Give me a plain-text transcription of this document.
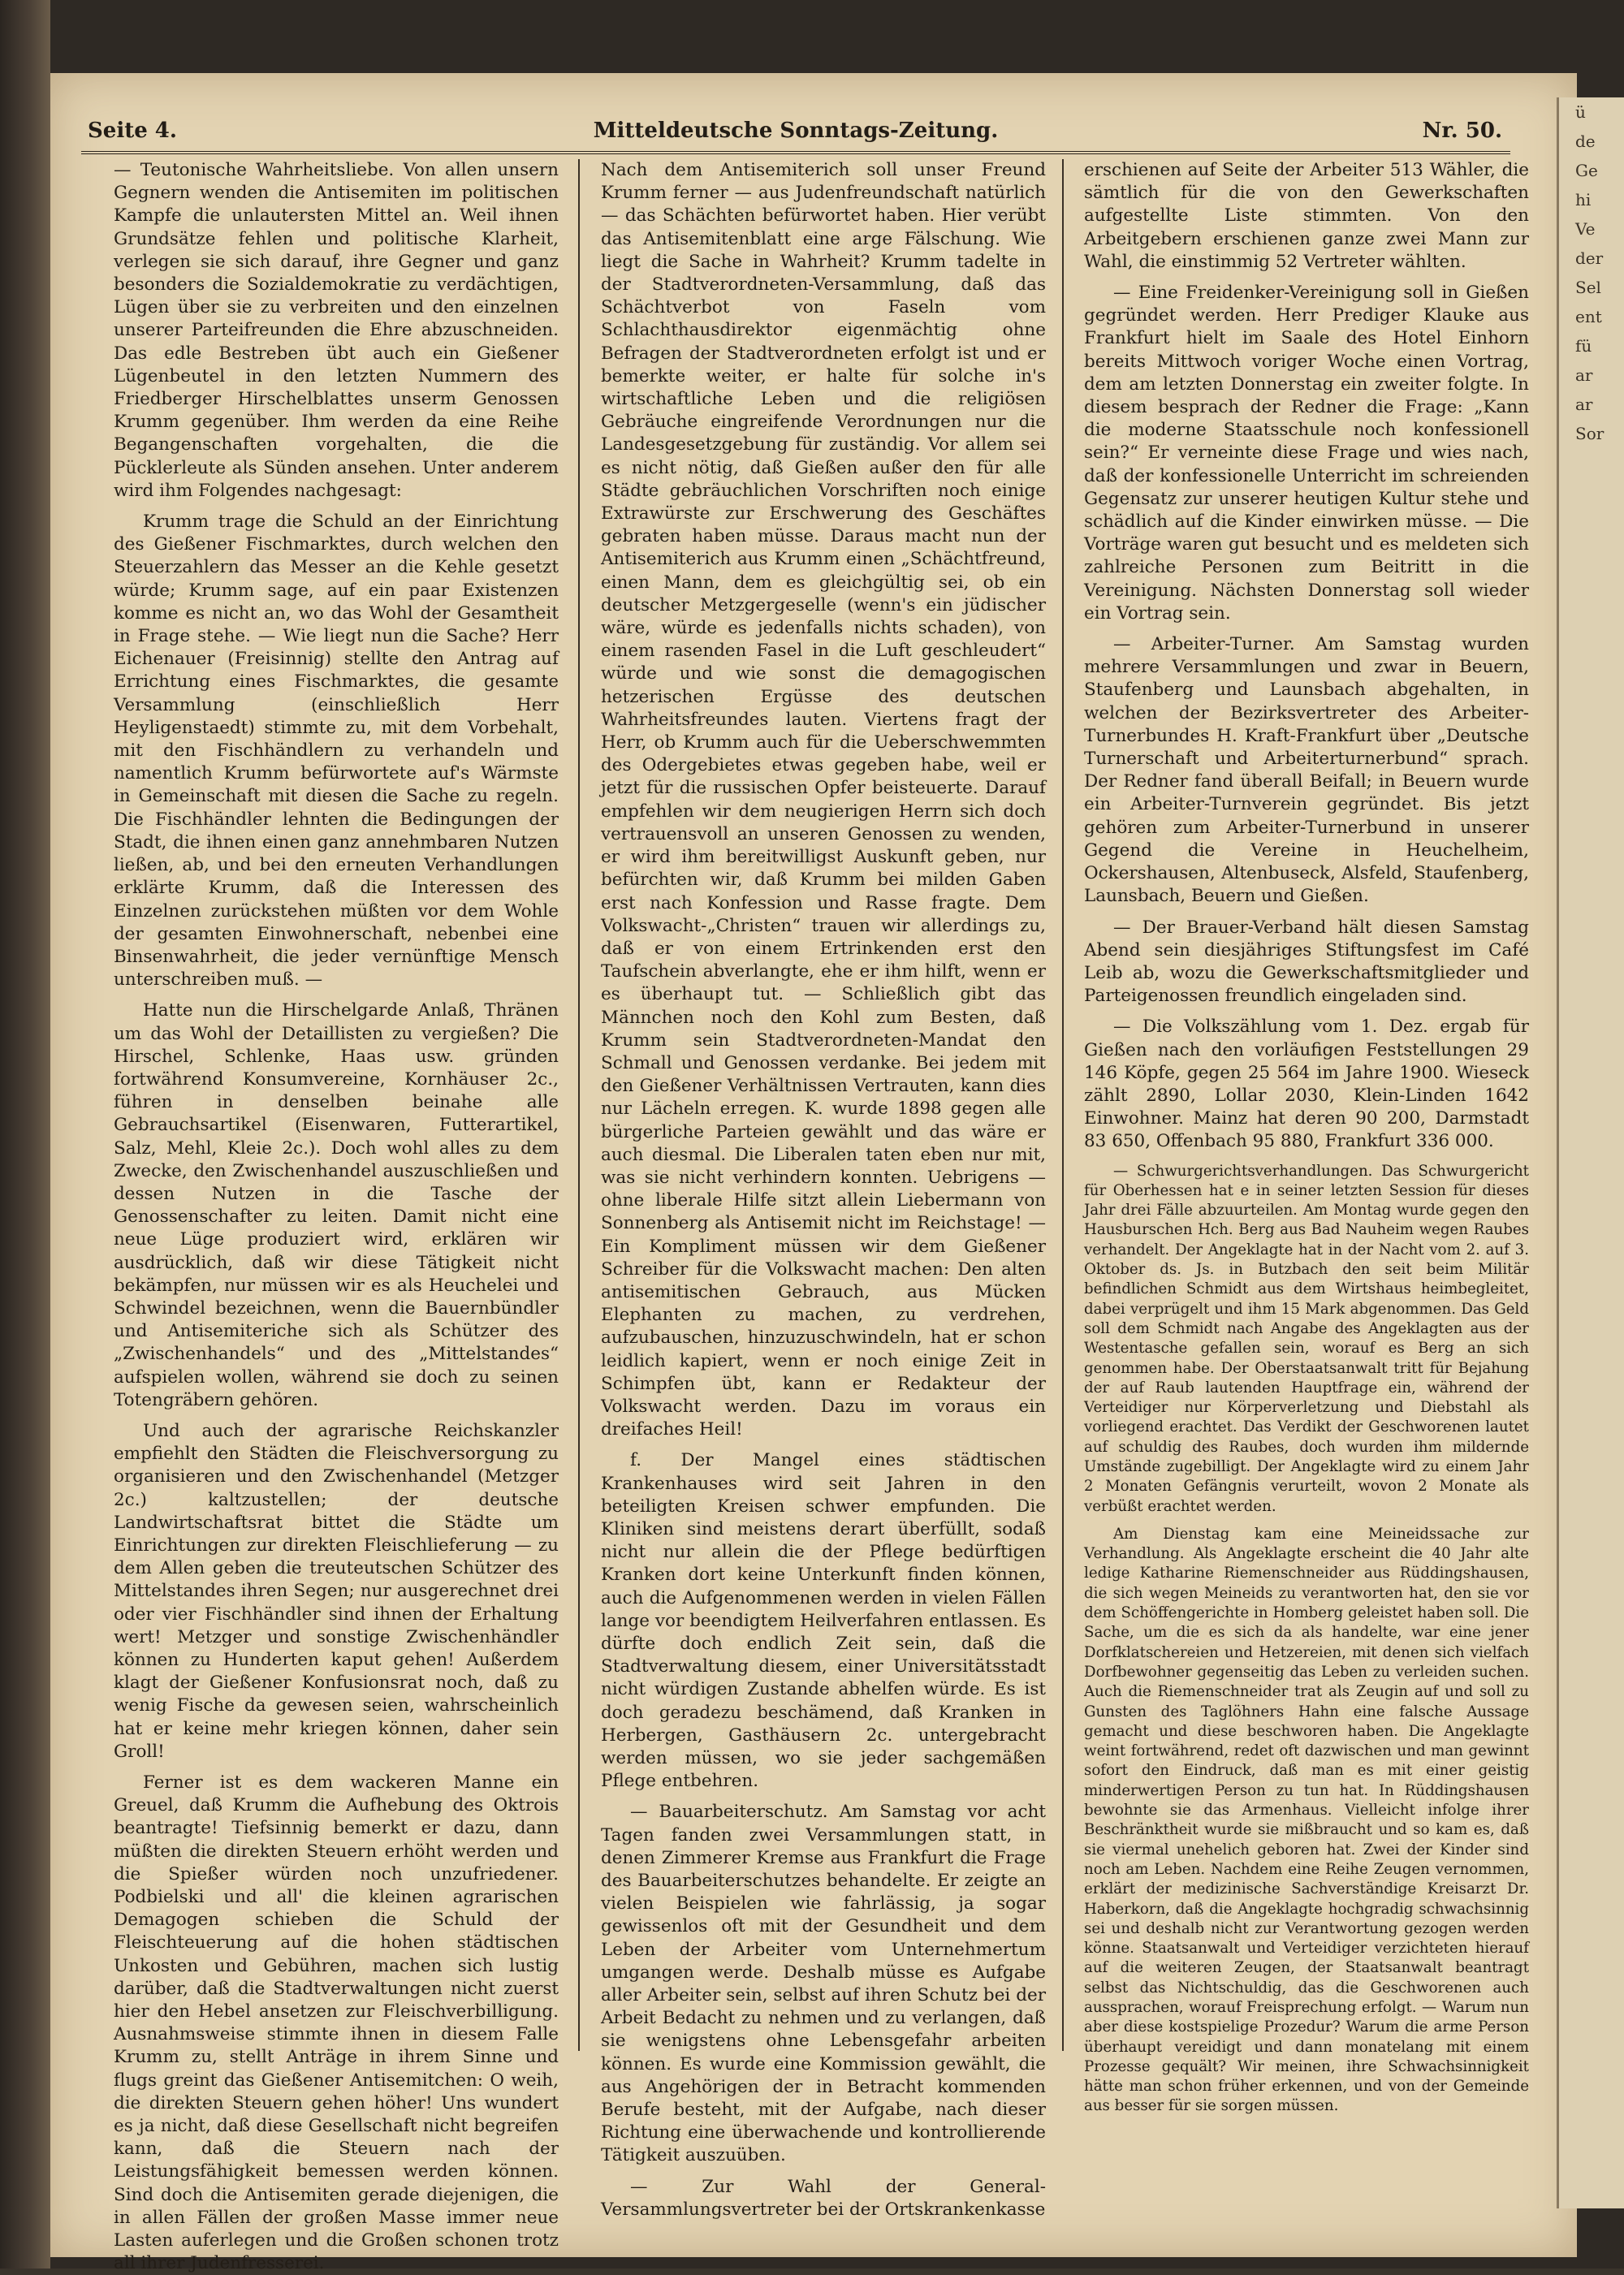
ü
de
Ge
hi
Ve
der
Sel
ent
fü
ar
ar
Sor
Seite 4.	Mitteldeutsche Sonntags-Zeitung.	Nr. 50.

— Teutonische Wahrheitsliebe. Von allen unsern Gegnern wenden die Antisemiten im politischen Kampfe die unlautersten Mittel an. Weil ihnen Grundsätze fehlen und politische Klarheit, verlegen sie sich darauf, ihre Gegner und ganz besonders die Sozialdemokratie zu verdächtigen, Lügen über sie zu verbreiten und den einzelnen unserer Parteifreunden die Ehre abzuschneiden. Das edle Bestreben übt auch ein Gießener Lügenbeutel in den letzten Nummern des Friedberger Hirschelblattes unserm Genossen Krumm gegenüber. Ihm werden da eine Reihe Begangenschaften vorgehalten, die die Pücklerleute als Sünden ansehen. Unter anderem wird ihm Folgendes nachgesagt:

Krumm trage die Schuld an der Einrichtung des Gießener Fischmarktes, durch welchen den Steuerzahlern das Messer an die Kehle gesetzt würde; Krumm sage, auf ein paar Existenzen komme es nicht an, wo das Wohl der Gesamtheit in Frage stehe. — Wie liegt nun die Sache? Herr Eichenauer (Freisinnig) stellte den Antrag auf Errichtung eines Fischmarktes, die gesamte Versammlung (einschließlich Herr Heyligenstaedt) stimmte zu, mit dem Vorbehalt, mit den Fischhändlern zu verhandeln und namentlich Krumm befürwortete auf's Wärmste in Gemeinschaft mit diesen die Sache zu regeln. Die Fischhändler lehnten die Bedingungen der Stadt, die ihnen einen ganz annehmbaren Nutzen ließen, ab, und bei den erneuten Verhandlungen erklärte Krumm, daß die Interessen des Einzelnen zurückstehen müßten vor dem Wohle der gesamten Einwohnerschaft, nebenbei eine Binsenwahrheit, die jeder vernünftige Mensch unterschreiben muß. —

Hatte nun die Hirschelgarde Anlaß, Thränen um das Wohl der Detaillisten zu vergießen? Die Hirschel, Schlenke, Haas usw. gründen fortwährend Konsumvereine, Kornhäuser 2c., führen in denselben beinahe alle Gebrauchsartikel (Eisenwaren, Futterartikel, Salz, Mehl, Kleie 2c.). Doch wohl alles zu dem Zwecke, den Zwischenhandel auszuschließen und dessen Nutzen in die Tasche der Genossenschafter zu leiten. Damit nicht eine neue Lüge produziert wird, erklären wir ausdrücklich, daß wir diese Tätigkeit nicht bekämpfen, nur müssen wir es als Heuchelei und Schwindel bezeichnen, wenn die Bauernbündler und Antisemiteriche sich als Schützer des „Zwischenhandels“ und des „Mittelstandes“ aufspielen wollen, während sie doch zu seinen Totengräbern gehören.

Und auch der agrarische Reichskanzler empfiehlt den Städten die Fleischversorgung zu organisieren und den Zwischenhandel (Metzger 2c.) kaltzustellen; der deutsche Landwirtschaftsrat bittet die Städte um Einrichtungen zur direkten Fleischlieferung — zu dem Allen geben die treuteutschen Schützer des Mittelstandes ihren Segen; nur ausgerechnet drei oder vier Fischhändler sind ihnen der Erhaltung wert! Metzger und sonstige Zwischenhändler können zu Hunderten kaput gehen! Außerdem klagt der Gießener Konfusionsrat noch, daß zu wenig Fische da gewesen seien, wahrscheinlich hat er keine mehr kriegen können, daher sein Groll!

Ferner ist es dem wackeren Manne ein Greuel, daß Krumm die Aufhebung des Oktrois beantragte! Tiefsinnig bemerkt er dazu, dann müßten die direkten Steuern erhöht werden und die Spießer würden noch unzufriedener. Podbielski und all' die kleinen agrarischen Demagogen schieben die Schuld der Fleischteuerung auf die hohen städtischen Unkosten und Gebühren, machen sich lustig darüber, daß die Stadtverwaltungen nicht zuerst hier den Hebel ansetzen zur Fleischverbilligung. Ausnahmsweise stimmte ihnen in diesem Falle Krumm zu, stellt Anträge in ihrem Sinne und flugs greint das Gießener Antisemitchen: O weih, die direkten Steuern gehen höher! Uns wundert es ja nicht, daß diese Gesellschaft nicht begreifen kann, daß die Steuern nach der Leistungsfähigkeit bemessen werden können. Sind doch die Antisemiten gerade diejenigen, die in allen Fällen der großen Masse immer neue Lasten auferlegen und die Großen schonen trotz all ihrer Judenfresserei.

Nach dem Antisemiterich soll unser Freund Krumm ferner — aus Judenfreundschaft natürlich — das Schächten befürwortet haben. Hier verübt das Antisemitenblatt eine arge Fälschung. Wie liegt die Sache in Wahrheit? Krumm tadelte in der Stadtverordneten-Versammlung, daß das Schächtverbot von Faseln vom Schlachthausdirektor eigenmächtig ohne Befragen der Stadtverordneten erfolgt ist und er bemerkte weiter, er halte für solche in's wirtschaftliche Leben und die religiösen Gebräuche eingreifende Verordnungen nur die Landesgesetzgebung für zuständig. Vor allem sei es nicht nötig, daß Gießen außer den für alle Städte gebräuchlichen Vorschriften noch einige Extrawürste zur Erschwerung des Geschäftes gebraten haben müsse. Daraus macht nun der Antisemiterich aus Krumm einen „Schächtfreund, einen Mann, dem es gleichgültig sei, ob ein deutscher Metzgergeselle (wenn's ein jüdischer wäre, würde es jedenfalls nichts schaden), von einem rasenden Fasel in die Luft geschleudert“ würde und wie sonst die demagogischen hetzerischen Ergüsse des deutschen Wahrheitsfreundes lauten. Viertens fragt der Herr, ob Krumm auch für die Ueberschwemmten des Odergebietes etwas gegeben habe, weil er jetzt für die russischen Opfer beisteuerte. Darauf empfehlen wir dem neugierigen Herrn sich doch vertrauensvoll an unseren Genossen zu wenden, er wird ihm bereitwilligst Auskunft geben, nur befürchten wir, daß Krumm bei milden Gaben erst nach Konfession und Rasse fragte. Dem Volkswacht-„Christen“ trauen wir allerdings zu, daß er von einem Ertrinkenden erst den Taufschein abverlangte, ehe er ihm hilft, wenn er es überhaupt tut. — Schließlich gibt das Männchen noch den Kohl zum Besten, daß Krumm sein Stadtverordneten-Mandat den Schmall und Genossen verdanke. Bei jedem mit den Gießener Verhältnissen Vertrauten, kann dies nur Lächeln erregen. K. wurde 1898 gegen alle bürgerliche Parteien gewählt und das wäre er auch diesmal. Die Liberalen taten eben nur mit, was sie nicht verhindern konnten. Uebrigens — ohne liberale Hilfe sitzt allein Liebermann von Sonnenberg als Antisemit nicht im Reichstage! — Ein Kompliment müssen wir dem Gießener Schreiber für die Volkswacht machen: Den alten antisemitischen Gebrauch, aus Mücken Elephanten zu machen, zu verdrehen, aufzubauschen, hinzuzuschwindeln, hat er schon leidlich kapiert, wenn er noch einige Zeit in Schimpfen übt, kann er Redakteur der Volkswacht werden. Dazu im voraus ein dreifaches Heil!

f. Der Mangel eines städtischen Krankenhauses wird seit Jahren in den beteiligten Kreisen schwer empfunden. Die Kliniken sind meistens derart überfüllt, sodaß nicht nur allein die der Pflege bedürftigen Kranken dort keine Unterkunft finden können, auch die Aufgenommenen werden in vielen Fällen lange vor beendigtem Heilverfahren entlassen. Es dürfte doch endlich Zeit sein, daß die Stadtverwaltung diesem, einer Universitätsstadt nicht würdigen Zustande abhelfen würde. Es ist doch geradezu beschämend, daß Kranken in Herbergen, Gasthäusern 2c. untergebracht werden müssen, wo sie jeder sachgemäßen Pflege entbehren.

— Bauarbeiterschutz. Am Samstag vor acht Tagen fanden zwei Versammlungen statt, in denen Zimmerer Kremse aus Frankfurt die Frage des Bauarbeiterschutzes behandelte. Er zeigte an vielen Beispielen wie fahrlässig, ja sogar gewissenlos oft mit der Gesundheit und dem Leben der Arbeiter vom Unternehmertum umgangen werde. Deshalb müsse es Aufgabe aller Arbeiter sein, selbst auf ihren Schutz bei der Arbeit Bedacht zu nehmen und zu verlangen, daß sie wenigstens ohne Lebensgefahr arbeiten können. Es wurde eine Kommission gewählt, die aus Angehörigen der in Betracht kommenden Berufe besteht, mit der Aufgabe, nach dieser Richtung eine überwachende und kontrollierende Tätigkeit auszuüben.

— Zur Wahl der General-Versammlungsvertreter bei der Ortskrankenkasse

erschienen auf Seite der Arbeiter 513 Wähler, die sämtlich für die von den Gewerkschaften aufgestellte Liste stimmten. Von den Arbeitgebern erschienen ganze zwei Mann zur Wahl, die einstimmig 52 Vertreter wählten.

— Eine Freidenker-Vereinigung soll in Gießen gegründet werden. Herr Prediger Klauke aus Frankfurt hielt im Saale des Hotel Einhorn bereits Mittwoch voriger Woche einen Vortrag, dem am letzten Donnerstag ein zweiter folgte. In diesem besprach der Redner die Frage: „Kann die moderne Staatsschule noch konfessionell sein?“ Er verneinte diese Frage und wies nach, daß der konfessionelle Unterricht im schreienden Gegensatz zur unserer heutigen Kultur stehe und schädlich auf die Kinder einwirken müsse. — Die Vorträge waren gut besucht und es meldeten sich zahlreiche Personen zum Beitritt in die Vereinigung. Nächsten Donnerstag soll wieder ein Vortrag sein.

— Arbeiter-Turner. Am Samstag wurden mehrere Versammlungen und zwar in Beuern, Staufenberg und Launsbach abgehalten, in welchen der Bezirksvertreter des Arbeiter-Turnerbundes H. Kraft-Frankfurt über „Deutsche Turnerschaft und Arbeiterturnerbund“ sprach. Der Redner fand überall Beifall; in Beuern wurde ein Arbeiter-Turnverein gegründet. Bis jetzt gehören zum Arbeiter-Turnerbund in unserer Gegend die Vereine in Heuchelheim, Ockershausen, Altenbuseck, Alsfeld, Staufenberg, Launsbach, Beuern und Gießen.

— Der Brauer-Verband hält diesen Samstag Abend sein diesjähriges Stiftungsfest im Café Leib ab, wozu die Gewerkschaftsmitglieder und Parteigenossen freundlich eingeladen sind.

— Die Volkszählung vom 1. Dez. ergab für Gießen nach den vorläufigen Feststellungen 29 146 Köpfe, gegen 25 564 im Jahre 1900. Wieseck zählt 2890, Lollar 2030, Klein-Linden 1642 Einwohner. Mainz hat deren 90 200, Darmstadt 83 650, Offenbach 95 880, Frankfurt 336 000.

— Schwurgerichtsverhandlungen. Das Schwurgericht für Oberhessen hat e in seiner letzten Session für dieses Jahr drei Fälle abzuurteilen. Am Montag wurde gegen den Hausburschen Hch. Berg aus Bad Nauheim wegen Raubes verhandelt. Der Angeklagte hat in der Nacht vom 2. auf 3. Oktober ds. Js. in Butzbach den seit beim Militär befindlichen Schmidt aus dem Wirtshaus heimbegleitet, dabei verprügelt und ihm 15 Mark abgenommen. Das Geld soll dem Schmidt nach Angabe des Angeklagten aus der Westentasche gefallen sein, worauf es Berg an sich genommen habe. Der Oberstaatsanwalt tritt für Bejahung der auf Raub lautenden Hauptfrage ein, während der Verteidiger nur Körperverletzung und Diebstahl als vorliegend erachtet. Das Verdikt der Geschworenen lautet auf schuldig des Raubes, doch wurden ihm mildernde Umstände zugebilligt. Der Angeklagte wird zu einem Jahr 2 Monaten Gefängnis verurteilt, wovon 2 Monate als verbüßt erachtet werden.

Am Dienstag kam eine Meineidssache zur Verhandlung. Als Angeklagte erscheint die 40 Jahr alte ledige Katharine Riemenschneider aus Rüddingshausen, die sich wegen Meineids zu verantworten hat, den sie vor dem Schöffengerichte in Homberg geleistet haben soll. Die Sache, um die es sich da als handelte, war eine jener Dorfklatschereien und Hetzereien, mit denen sich vielfach Dorfbewohner gegenseitig das Leben zu verleiden suchen. Auch die Riemenschneider trat als Zeugin auf und soll zu Gunsten des Taglöhners Hahn eine falsche Aussage gemacht und diese beschworen haben. Die Angeklagte weint fortwährend, redet oft dazwischen und man gewinnt sofort den Eindruck, daß man es mit einer geistig minderwertigen Person zu tun hat. In Rüddingshausen bewohnte sie das Armenhaus. Vielleicht infolge ihrer Beschränktheit wurde sie mißbraucht und so kam es, daß sie viermal unehelich geboren hat. Zwei der Kinder sind noch am Leben. Nachdem eine Reihe Zeugen vernommen, erklärt der medizinische Sachverständige Kreisarzt Dr. Haberkorn, daß die Angeklagte hochgradig schwachsinnig sei und deshalb nicht zur Verantwortung gezogen werden könne. Staatsanwalt und Verteidiger verzichteten hierauf auf die weiteren Zeugen, der Staatsanwalt beantragt selbst das Nichtschuldig, das die Geschworenen auch aussprachen, worauf Freisprechung erfolgt. — Warum nun aber diese kostspielige Prozedur? Warum die arme Person überhaupt vereidigt und dann monatelang mit einem Prozesse gequält? Wir meinen, ihre Schwachsinnigkeit hätte man schon früher erkennen, und von der Gemeinde aus besser für sie sorgen müssen.
